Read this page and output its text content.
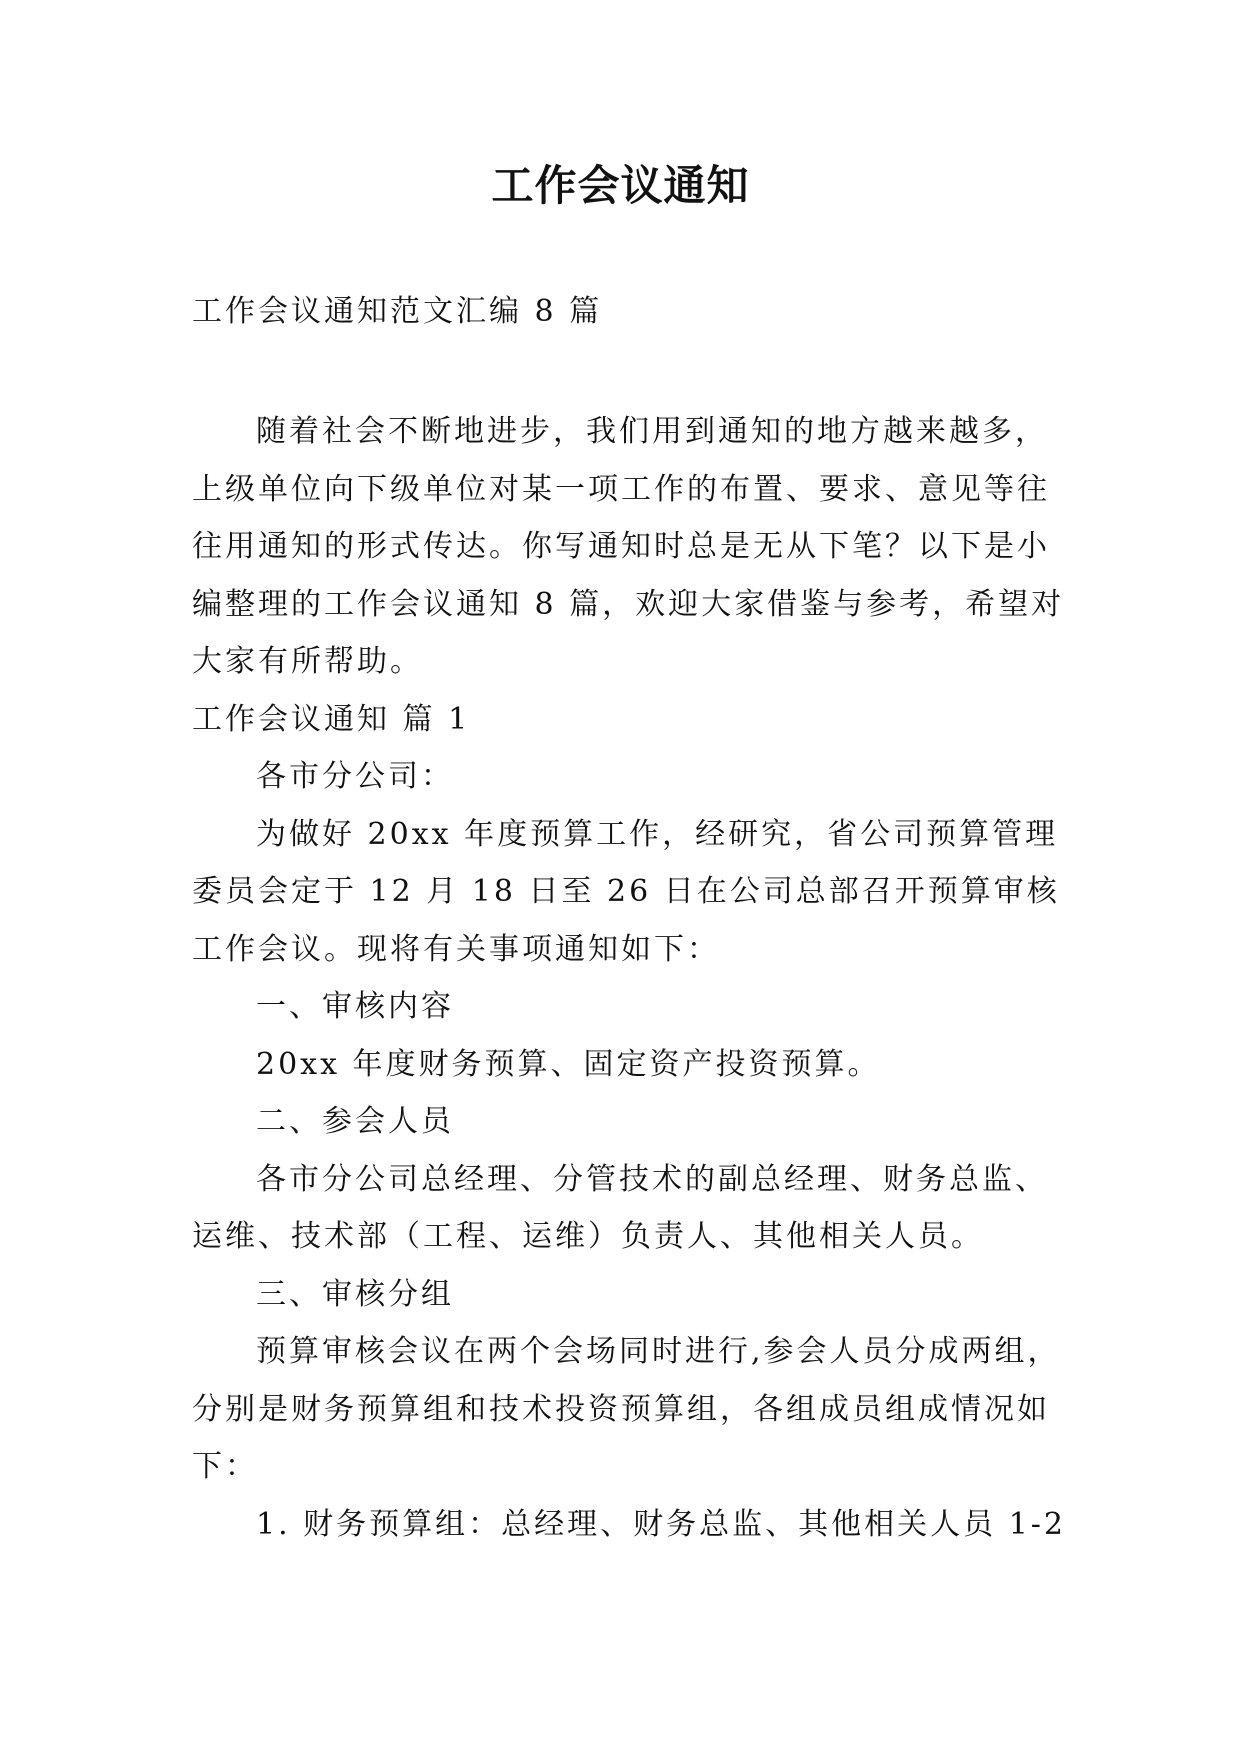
工作会议通知
工作会议通知范文汇编 8 篇

随着社会不断地进步，我们用到通知的地方越来越多，上级单位向下级单位对某一项工作的布置、要求、意见等往往用通知的形式传达。你写通知时总是无从下笔？以下是小编整理的工作会议通知 8 篇，欢迎大家借鉴与参考，希望对大家有所帮助。

工作会议通知 篇 1

各市分公司：

为做好 20xx 年度预算工作，经研究，省公司预算管理委员会定于 12 月 18 日至 26 日在公司总部召开预算审核工作会议。现将有关事项通知如下：

一、审核内容

20xx 年度财务预算、固定资产投资预算。

二、参会人员

各市分公司总经理、分管技术的副总经理、财务总监、运维、技术部（工程、运维）负责人、其他相关人员。

三、审核分组

预算审核会议在两个会场同时进行,参会人员分成两组，分别是财务预算组和技术投资预算组，各组成员组成情况如下：

1. 财务预算组：总经理、财务总监、其他相关人员 1-2
